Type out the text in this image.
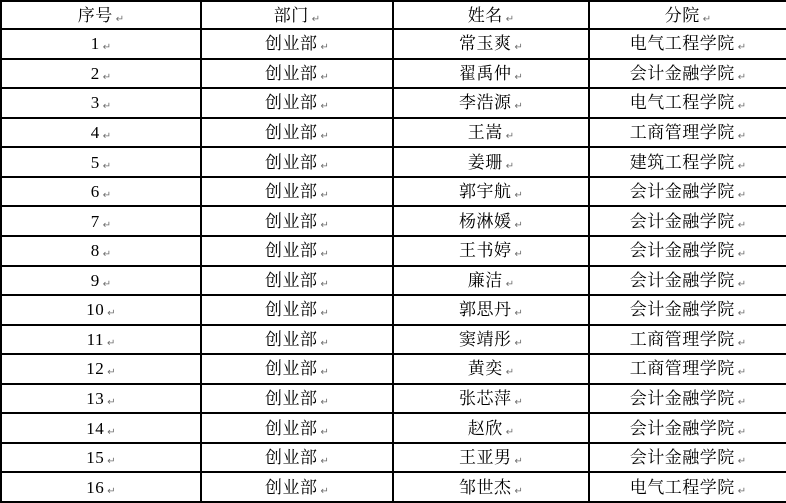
序号 ↵	部门 ↵	姓名 ↵	分院 ↵
1 ↵	创业部 ↵	常玉爽 ↵	电气工程学院 ↵
2 ↵	创业部 ↵	翟禹仲 ↵	会计金融学院 ↵
3 ↵	创业部 ↵	李浩源 ↵	电气工程学院 ↵
4 ↵	创业部 ↵	王嵩 ↵	工商管理学院 ↵
5 ↵	创业部 ↵	姜珊 ↵	建筑工程学院 ↵
6 ↵	创业部 ↵	郭宇航 ↵	会计金融学院 ↵
7 ↵	创业部 ↵	杨淋媛 ↵	会计金融学院 ↵
8 ↵	创业部 ↵	王书婷 ↵	会计金融学院 ↵
9 ↵	创业部 ↵	廉洁 ↵	会计金融学院 ↵
10 ↵	创业部 ↵	郭思丹 ↵	会计金融学院 ↵
11 ↵	创业部 ↵	窦靖彤 ↵	工商管理学院 ↵
12 ↵	创业部 ↵	黄奕 ↵	工商管理学院 ↵
13 ↵	创业部 ↵	张芯萍 ↵	会计金融学院 ↵
14 ↵	创业部 ↵	赵欣 ↵	会计金融学院 ↵
15 ↵	创业部 ↵	王亚男 ↵	会计金融学院 ↵
16 ↵	创业部 ↵	邹世杰 ↵	电气工程学院 ↵
